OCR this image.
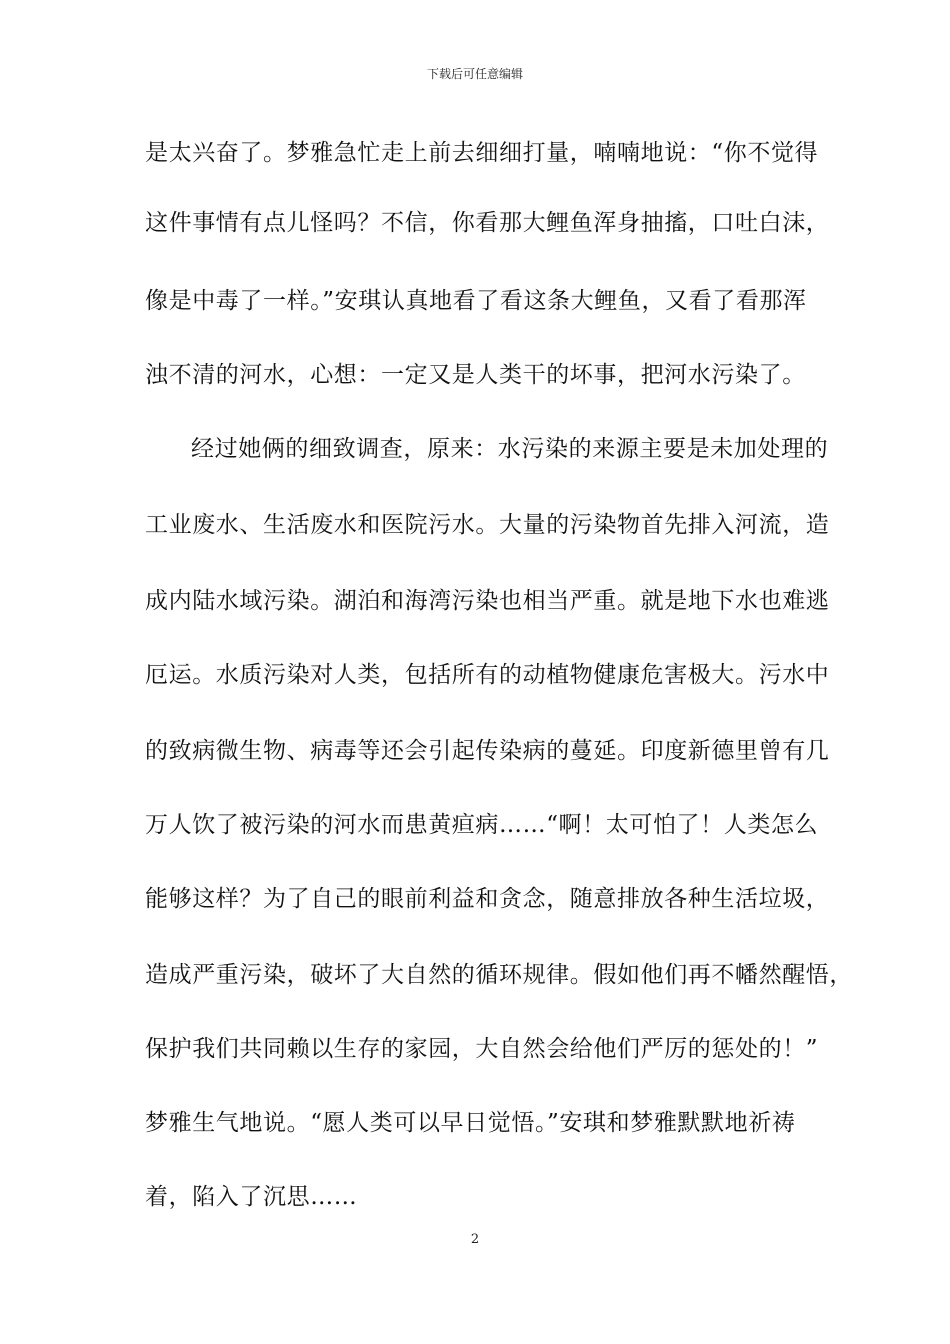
下载后可任意编辑
是太兴奋了。梦雅急忙走上前去细细打量，喃喃地说：“你不觉得
这件事情有点儿怪吗？不信，你看那大鲤鱼浑身抽搐，口吐白沫，
像是中毒了一样。”安琪认真地看了看这条大鲤鱼，又看了看那浑
浊不清的河水，心想：一定又是人类干的坏事，把河水污染了。
经过她俩的细致调查，原来：水污染的来源主要是未加处理的
工业废水、生活废水和医院污水。大量的污染物首先排入河流，造
成内陆水域污染。湖泊和海湾污染也相当严重。就是地下水也难逃
厄运。水质污染对人类，包括所有的动植物健康危害极大。污水中
的致病微生物、病毒等还会引起传染病的蔓延。印度新德里曾有几
万人饮了被污染的河水而患黄疸病……“啊！太可怕了！人类怎么
能够这样？为了自己的眼前利益和贪念，随意排放各种生活垃圾，
造成严重污染，破坏了大自然的循环规律。假如他们再不幡然醒悟，
保护我们共同赖以生存的家园，大自然会给他们严厉的惩处的！”
梦雅生气地说。“愿人类可以早日觉悟。”安琪和梦雅默默地祈祷
着，陷入了沉思……
2
